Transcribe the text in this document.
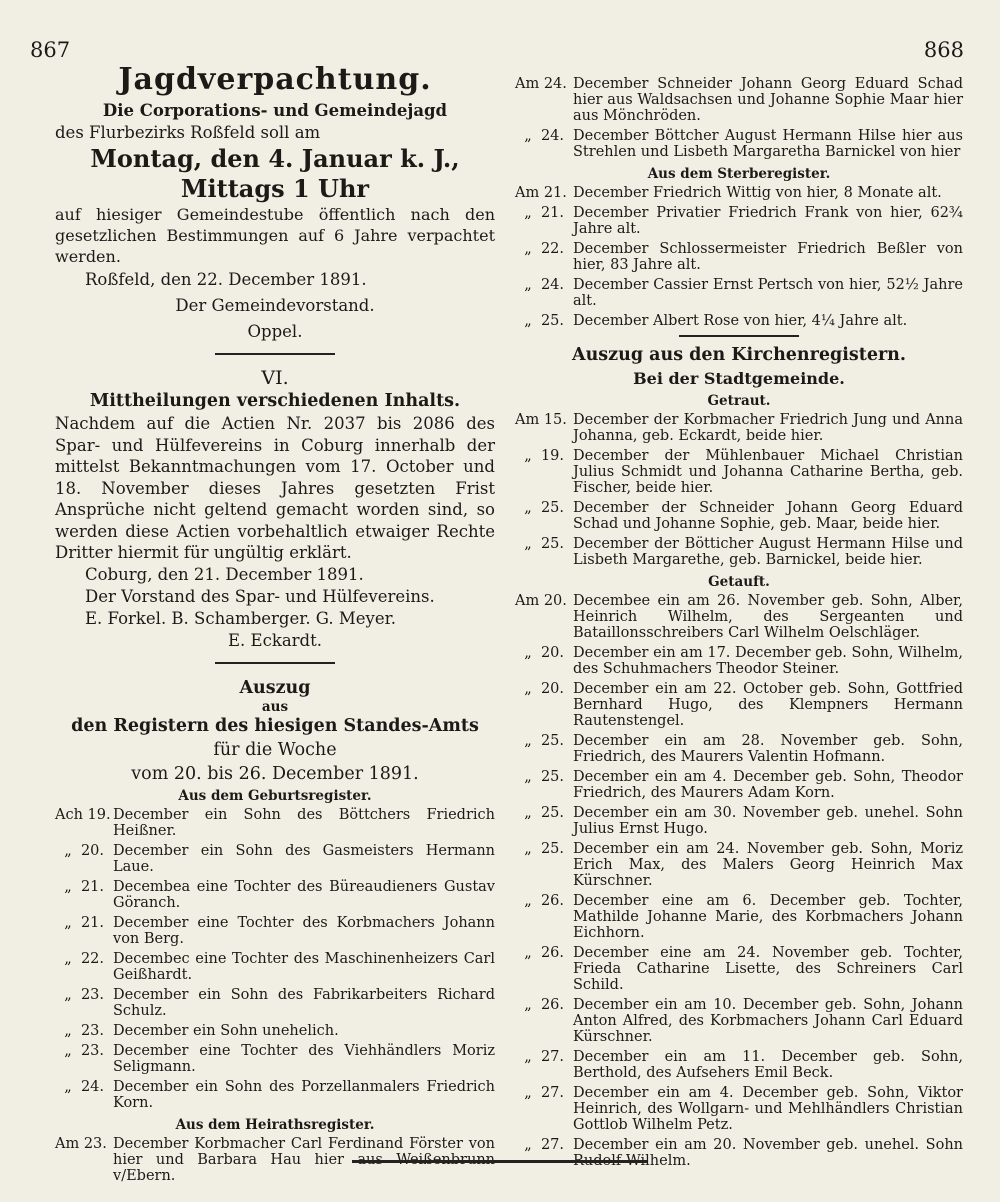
867	868

Jagdverpachtung.

Die Corporations- und Gemeindejagd

des Flurbezirks Roßfeld soll am

Montag, den 4. Januar k. J.,

Mittags 1 Uhr

auf hiesiger Gemeindestube öffentlich nach den gesetzlichen Bestimmungen auf 6 Jahre verpachtet werden.

Roßfeld, den 22. December 1891.

Der Gemeindevorstand.

Oppel.

VI.

Mittheilungen verschiedenen Inhalts.

Nachdem auf die Actien Nr. 2037 bis 2086 des Spar- und Hülfevereins in Coburg innerhalb der mittelst Bekanntmachungen vom 17. October und 18. November dieses Jahres gesetzten Frist Ansprüche nicht geltend gemacht worden sind, so werden diese Actien vorbehaltlich etwaiger Rechte Dritter hiermit für ungültig erklärt.

Coburg, den 21. December 1891.

Der Vorstand des Spar- und Hülfevereins.

E. Forkel. B. Schamberger. G. Meyer.

E. Eckardt.

Auszug

aus

den Registern des hiesigen Standes-Amts

für die Woche

vom 20. bis 26. December 1891.

Aus dem Geburtsregister.

Ach 19. December ein Sohn des Böttchers Friedrich Heißner.
„  20. December ein Sohn des Gasmeisters Hermann Laue.
„  21. Decembea eine Tochter des Büreaudieners Gustav Göranch.
„  21. December eine Tochter des Korbmachers Johann von Berg.
„  22. Decembec eine Tochter des Maschinenheizers Carl Geißhardt.
„  23. December ein Sohn des Fabrikarbeiters Richard Schulz.
„  23. December ein Sohn unehelich.
„  23. December eine Tochter des Viehhändlers Moriz Seligmann.
„  24. December ein Sohn des Porzellanmalers Friedrich Korn.

Aus dem Heirathsregister.

Am 23. December Korbmacher Carl Ferdinand Förster von hier und Barbara Hau hier aus Weißenbrunn v/Ebern.
Am 24. December Schneider Johann Georg Eduard Schad hier aus Waldsachsen und Johanne Sophie Maar hier aus Mönchröden.
„  24. December Böttcher August Hermann Hilse hier aus Strehlen und Lisbeth Margaretha Barnickel von hier

Aus dem Sterberegister.

Am 21. December Friedrich Wittig von hier, 8 Monate alt.
„  21. December Privatier Friedrich Frank von hier, 62¾ Jahre alt.
„  22. December Schlossermeister Friedrich Beßler von hier, 83 Jahre alt.
„  24. December Cassier Ernst Pertsch von hier, 52½ Jahre alt.
„  25. December Albert Rose von hier, 4¼ Jahre alt.

Auszug aus den Kirchenregistern.

Bei der Stadtgemeinde.

Getraut.

Am 15. December der Korbmacher Friedrich Jung und Anna Johanna, geb. Eckardt, beide hier.
„  19. December der Mühlenbauer Michael Christian Julius Schmidt und Johanna Catharine Bertha, geb. Fischer, beide hier.
„  25. December der Schneider Johann Georg Eduard Schad und Johanne Sophie, geb. Maar, beide hier.
„  25. December der Bötticher August Hermann Hilse und Lisbeth Margarethe, geb. Barnickel, beide hier.

Getauft.

Am 20. Decembee ein am 26. November geb. Sohn, Alber, Heinrich Wilhelm, des Sergeanten und Bataillonsschreibers Carl Wilhelm Oelschläger.
„  20. December ein am 17. December geb. Sohn, Wilhelm, des Schuhmachers Theodor Steiner.
„  20. December ein am 22. October geb. Sohn, Gottfried Bernhard Hugo, des Klempners Hermann Rautenstengel.
„  25. December ein am 28. November geb. Sohn, Friedrich, des Maurers Valentin Hofmann.
„  25. December ein am 4. December geb. Sohn, Theodor Friedrich, des Maurers Adam Korn.
„  25. December ein am 30. November geb. unehel. Sohn Julius Ernst Hugo.
„  25. December ein am 24. November geb. Sohn, Moriz Erich Max, des Malers Georg Heinrich Max Kürschner.
„  26. December eine am 6. December geb. Tochter, Mathilde Johanne Marie, des Korbmachers Johann Eichhorn.
„  26. December eine am 24. November geb. Tochter, Frieda Catharine Lisette, des Schreiners Carl Schild.
„  26. December ein am 10. December geb. Sohn, Johann Anton Alfred, des Korbmachers Johann Carl Eduard Kürschner.
„  27. December ein am 11. December geb. Sohn, Berthold, des Aufsehers Emil Beck.
„  27. December ein am 4. December geb. Sohn, Viktor Heinrich, des Wollgarn- und Mehlhändlers Christian Gottlob Wilhelm Petz.
„  27. December ein am 20. November geb. unehel. Sohn Rudolf Wilhelm.
